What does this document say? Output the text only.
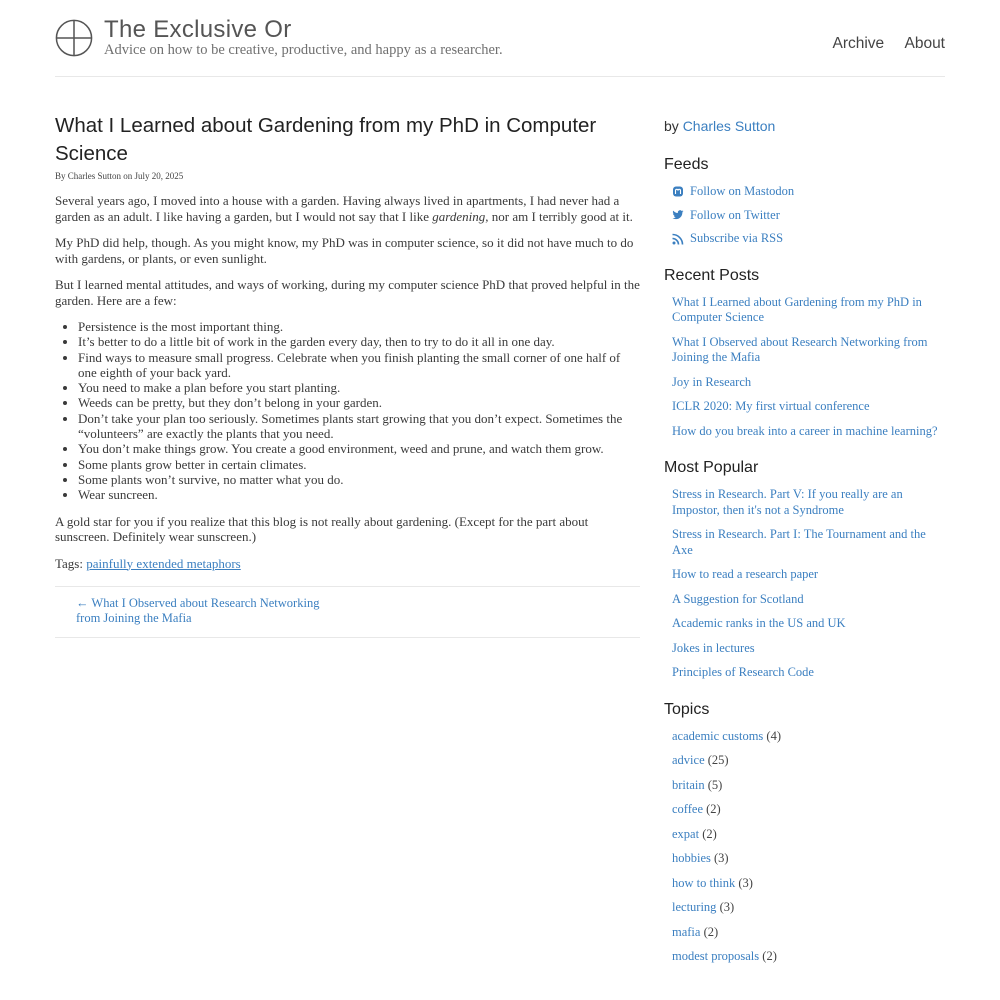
The Exclusive Or
Advice on how to be creative, productive, and happy as a researcher.	Archive About
What I Learned about Gardening from my PhD in Computer Science
By Charles Sutton on July 20, 2025

Several years ago, I moved into a house with a garden. Having always lived in apartments, I had never had a garden as an adult. I like having a garden, but I would not say that I like gardening, nor am I terribly good at it.

My PhD did help, though. As you might know, my PhD was in computer science, so it did not have much to do with gardens, or plants, or even sunlight.

But I learned mental attitudes, and ways of working, during my computer science PhD that proved helpful in the garden. Here are a few:

• Persistence is the most important thing.
• It’s better to do a little bit of work in the garden every day, then to try to do it all in one day.
• Find ways to measure small progress. Celebrate when you finish planting the small corner of one half of one eighth of your back yard.
• You need to make a plan before you start planting.
• Weeds can be pretty, but they don’t belong in your garden.
• Don’t take your plan too seriously. Sometimes plants start growing that you don’t expect. Sometimes the “volunteers” are exactly the plants that you need.
• You don’t make things grow. You create a good environment, weed and prune, and watch them grow.
• Some plants grow better in certain climates.
• Some plants won’t survive, no matter what you do.
• Wear suncreen.

A gold star for you if you realize that this blog is not really about gardening. (Except for the part about sunscreen. Definitely wear sunscreen.)

Tags: painfully extended metaphors
← What I Observed about Research Networking from Joining the Mafia
by Charles Sutton
Feeds
Follow on Mastodon
Follow on Twitter
Subscribe via RSS
Recent Posts
What I Learned about Gardening from my PhD in Computer Science
What I Observed about Research Networking from Joining the Mafia
Joy in Research
ICLR 2020: My first virtual conference
How do you break into a career in machine learning?
Most Popular
Stress in Research. Part V: If you really are an Impostor, then it's not a Syndrome
Stress in Research. Part I: The Tournament and the Axe
How to read a research paper
A Suggestion for Scotland
Academic ranks in the US and UK
Jokes in lectures
Principles of Research Code
Topics
academic customs (4)
advice (25)
britain (5)
coffee (2)
expat (2)
hobbies (3)
how to think (3)
lecturing (3)
mafia (2)
modest proposals (2)
